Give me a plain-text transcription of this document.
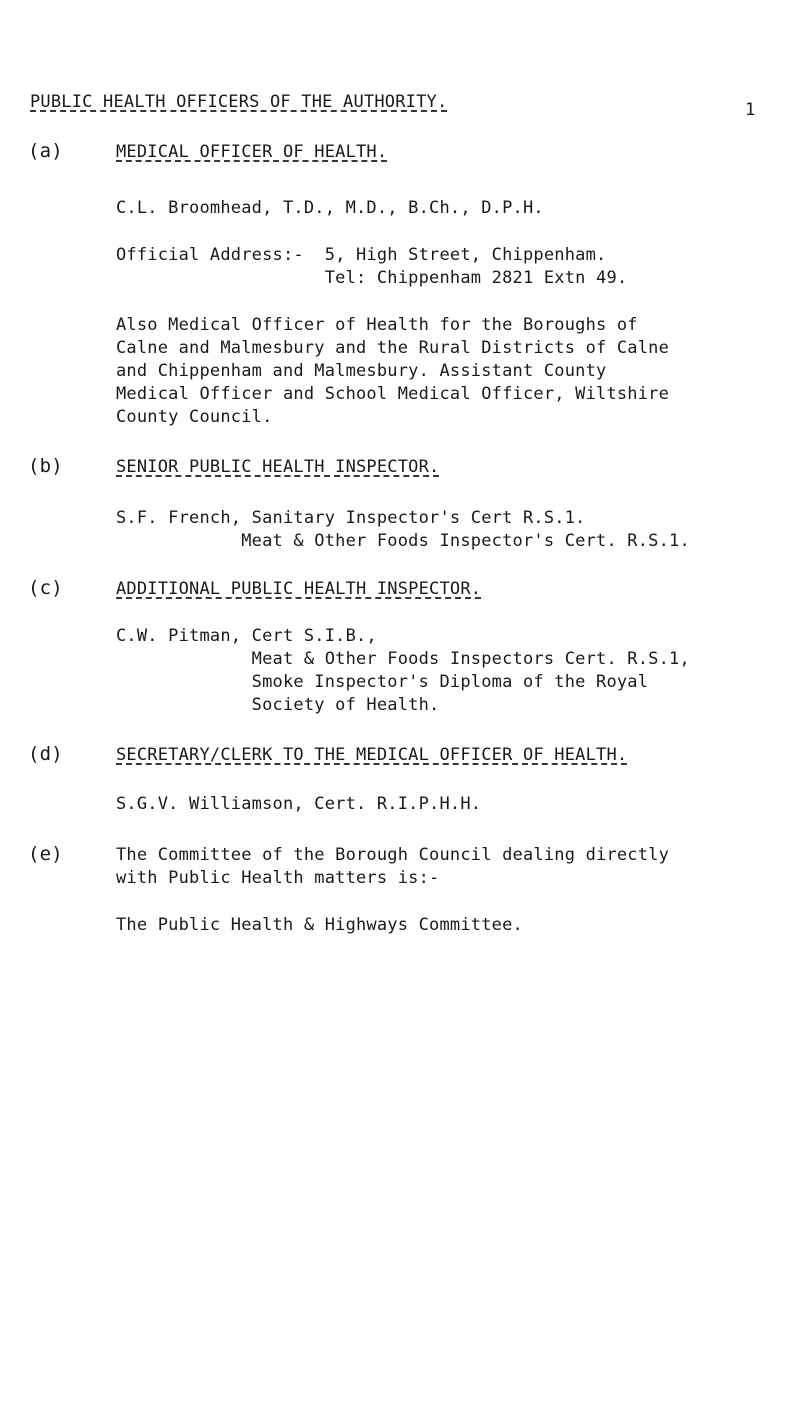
PUBLIC HEALTH OFFICERS OF THE AUTHORITY.	1
(a)	MEDICAL OFFICER OF HEALTH.
C.L. Broomhead, T.D., M.D., B.Ch., D.P.H.
Official Address:-  5, High Street, Chippenham.
Tel: Chippenham 2821 Extn 49.
Also Medical Officer of Health for the Boroughs of
Calne and Malmesbury and the Rural Districts of Calne
and Chippenham and Malmesbury. Assistant County
Medical Officer and School Medical Officer, Wiltshire
County Council.
(b)	SENIOR PUBLIC HEALTH INSPECTOR.
S.F. French, Sanitary Inspector's Cert R.S.1.
Meat & Other Foods Inspector's Cert. R.S.1.
(c)	ADDITIONAL PUBLIC HEALTH INSPECTOR.
C.W. Pitman, Cert S.I.B.,
Meat & Other Foods Inspectors Cert. R.S.1,
Smoke Inspector's Diploma of the Royal
Society of Health.
(d)	SECRETARY/CLERK TO THE MEDICAL OFFICER OF HEALTH.
S.G.V. Williamson, Cert. R.I.P.H.H.
(e)	The Committee of the Borough Council dealing directly
with Public Health matters is:-
The Public Health & Highways Committee.
